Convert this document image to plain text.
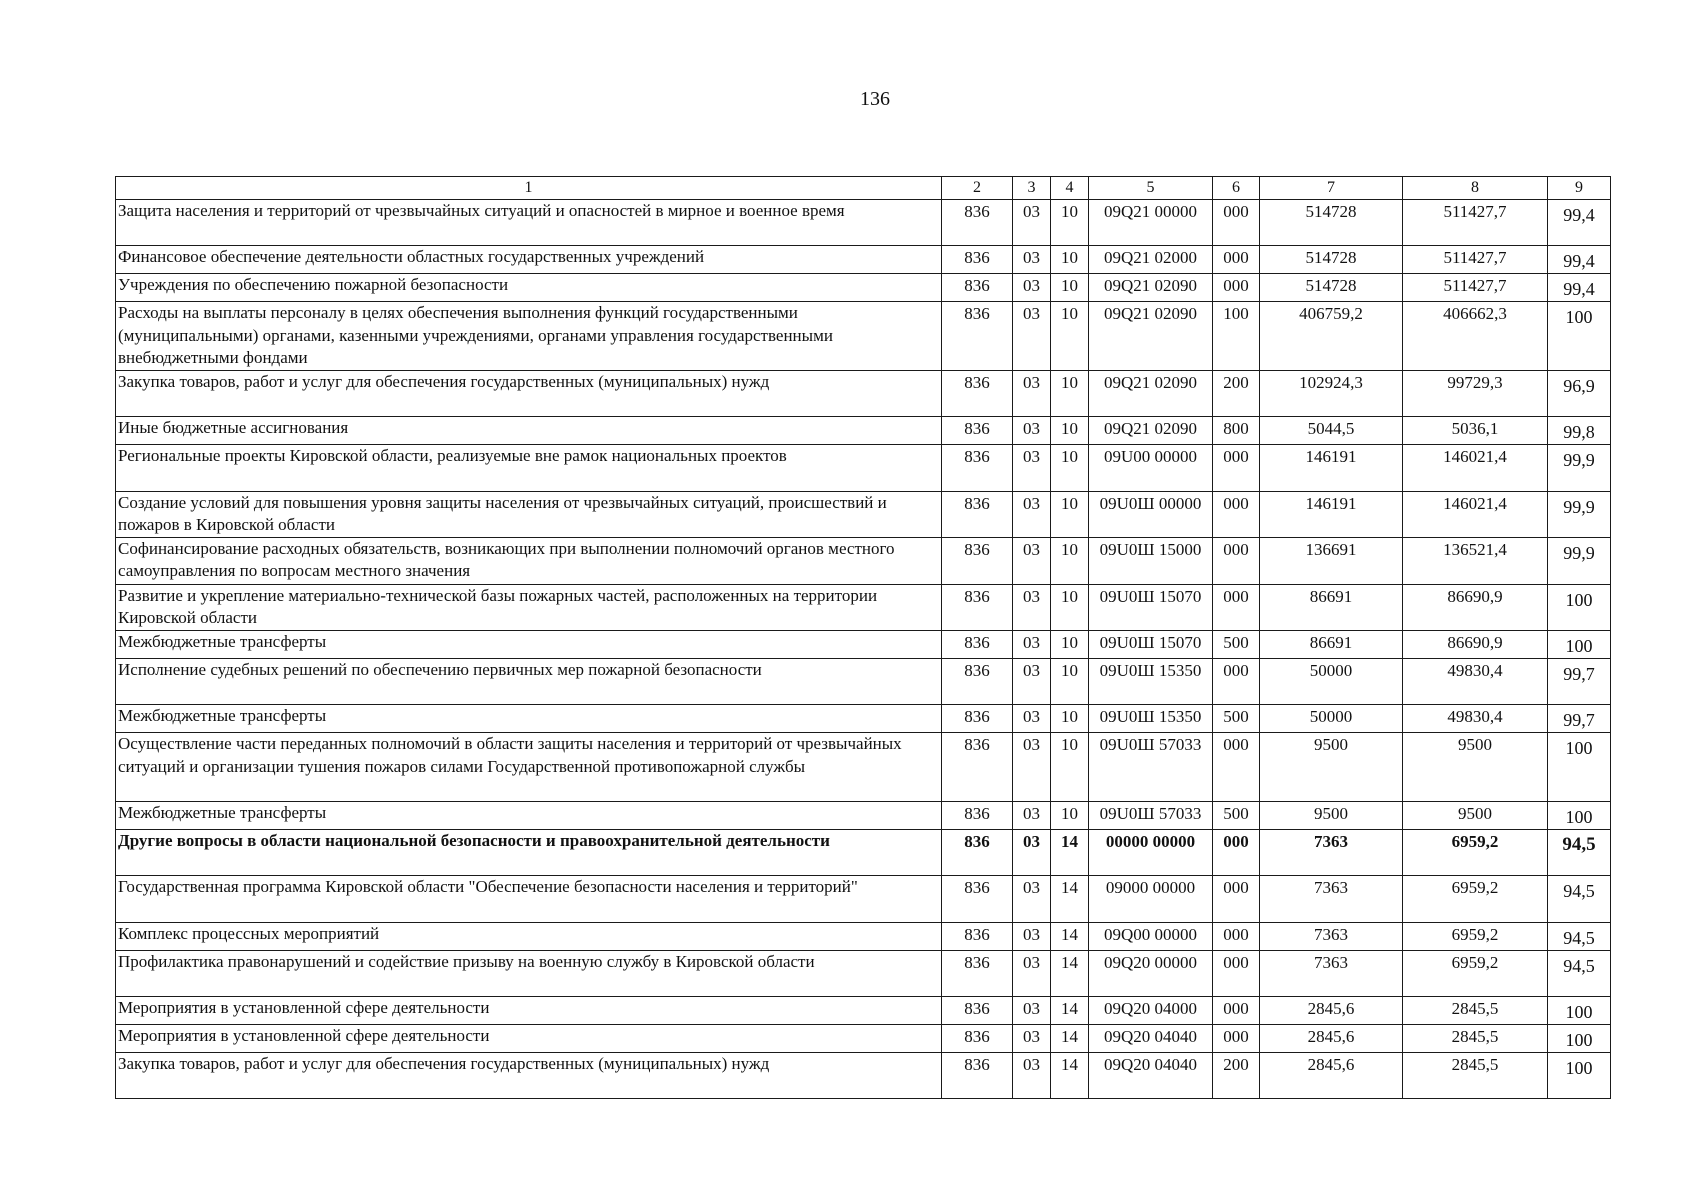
136
1	2	3	4	5	6	7	8	9
Защита населения и территорий от чрезвычайных ситуаций и опасностей в мирное и военное время	836	03	10	09Q21 00000	000	514728	511427,7	99,4
Финансовое обеспечение деятельности областных государственных учреждений	836	03	10	09Q21 02000	000	514728	511427,7	99,4
Учреждения по обеспечению пожарной безопасности	836	03	10	09Q21 02090	000	514728	511427,7	99,4
Расходы на выплаты персоналу в целях обеспечения выполнения функций государственными (муниципальными) органами, казенными учреждениями, органами управления государственными внебюджетными фондами	836	03	10	09Q21 02090	100	406759,2	406662,3	100
Закупка товаров, работ и услуг для обеспечения государственных (муниципальных) нужд	836	03	10	09Q21 02090	200	102924,3	99729,3	96,9
Иные бюджетные ассигнования	836	03	10	09Q21 02090	800	5044,5	5036,1	99,8
Региональные проекты Кировской области, реализуемые вне рамок национальных проектов	836	03	10	09U00 00000	000	146191	146021,4	99,9
Создание условий для повышения уровня защиты населения от чрезвычайных ситуаций, происшествий и пожаров в Кировской области	836	03	10	09U0Ш 00000	000	146191	146021,4	99,9
Софинансирование расходных обязательств, возникающих при выполнении полномочий органов местного самоуправления по вопросам местного значения	836	03	10	09U0Ш 15000	000	136691	136521,4	99,9
Развитие и укрепление материально-технической базы пожарных частей, расположенных на территории Кировской области	836	03	10	09U0Ш 15070	000	86691	86690,9	100
Межбюджетные трансферты	836	03	10	09U0Ш 15070	500	86691	86690,9	100
Исполнение судебных решений по обеспечению первичных мер пожарной безопасности	836	03	10	09U0Ш 15350	000	50000	49830,4	99,7
Межбюджетные трансферты	836	03	10	09U0Ш 15350	500	50000	49830,4	99,7
Осуществление части переданных полномочий в области защиты населения и территорий от чрезвычайных ситуаций и организации тушения пожаров силами Государственной противопожарной службы	836	03	10	09U0Ш 57033	000	9500	9500	100
Межбюджетные трансферты	836	03	10	09U0Ш 57033	500	9500	9500	100
Другие вопросы в области национальной безопасности и правоохранительной деятельности	836	03	14	00000 00000	000	7363	6959,2	94,5
Государственная программа Кировской области "Обеспечение безопасности населения и территорий"	836	03	14	09000 00000	000	7363	6959,2	94,5
Комплекс процессных мероприятий	836	03	14	09Q00 00000	000	7363	6959,2	94,5
Профилактика правонарушений и содействие призыву на военную службу в Кировской области	836	03	14	09Q20 00000	000	7363	6959,2	94,5
Мероприятия в установленной сфере деятельности	836	03	14	09Q20 04000	000	2845,6	2845,5	100
Мероприятия в установленной сфере деятельности	836	03	14	09Q20 04040	000	2845,6	2845,5	100
Закупка товаров, работ и услуг для обеспечения государственных (муниципальных) нужд	836	03	14	09Q20 04040	200	2845,6	2845,5	100
